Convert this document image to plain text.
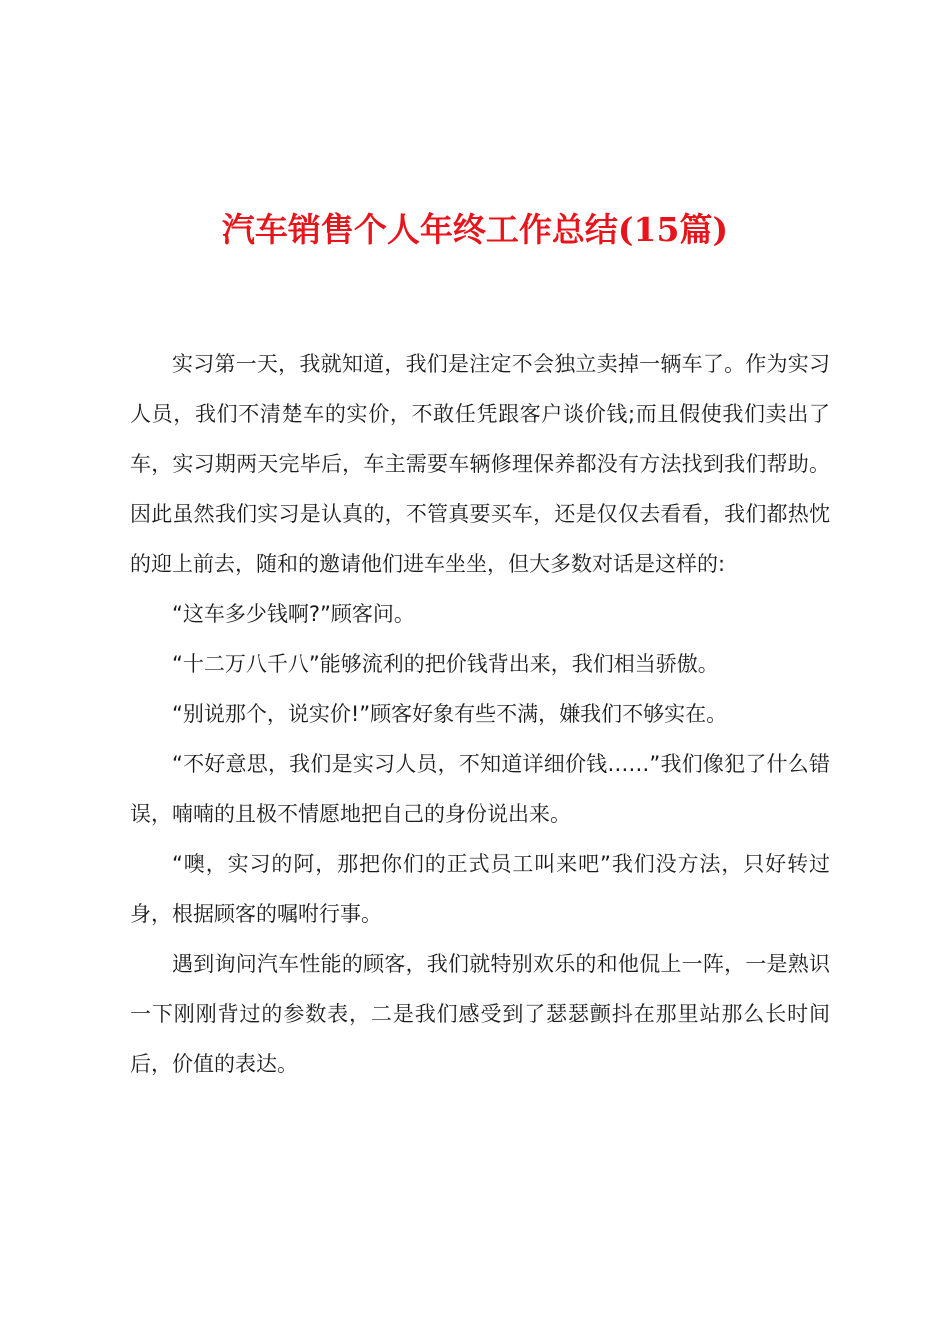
汽车销售个人年终工作总结(15篇)

实习第一天，我就知道，我们是注定不会独立卖掉一辆车了。作为实习人员，我们不清楚车的实价，不敢任凭跟客户谈价钱;而且假使我们卖出了车，实习期两天完毕后，车主需要车辆修理保养都没有方法找到我们帮助。因此虽然我们实习是认真的，不管真要买车，还是仅仅去看看，我们都热忱的迎上前去，随和的邀请他们进车坐坐，但大多数对话是这样的:

“这车多少钱啊?”顾客问。

“十二万八千八”能够流利的把价钱背出来，我们相当骄傲。

“别说那个，说实价!”顾客好象有些不满，嫌我们不够实在。

“不好意思，我们是实习人员，不知道详细价钱……”我们像犯了什么错误，喃喃的且极不情愿地把自己的身份说出来。

“噢，实习的阿，那把你们的正式员工叫来吧”我们没方法，只好转过身，根据顾客的嘱咐行事。

遇到询问汽车性能的顾客，我们就特别欢乐的和他侃上一阵，一是熟识一下刚刚背过的参数表，二是我们感受到了瑟瑟颤抖在那里站那么长时间后，价值的表达。
